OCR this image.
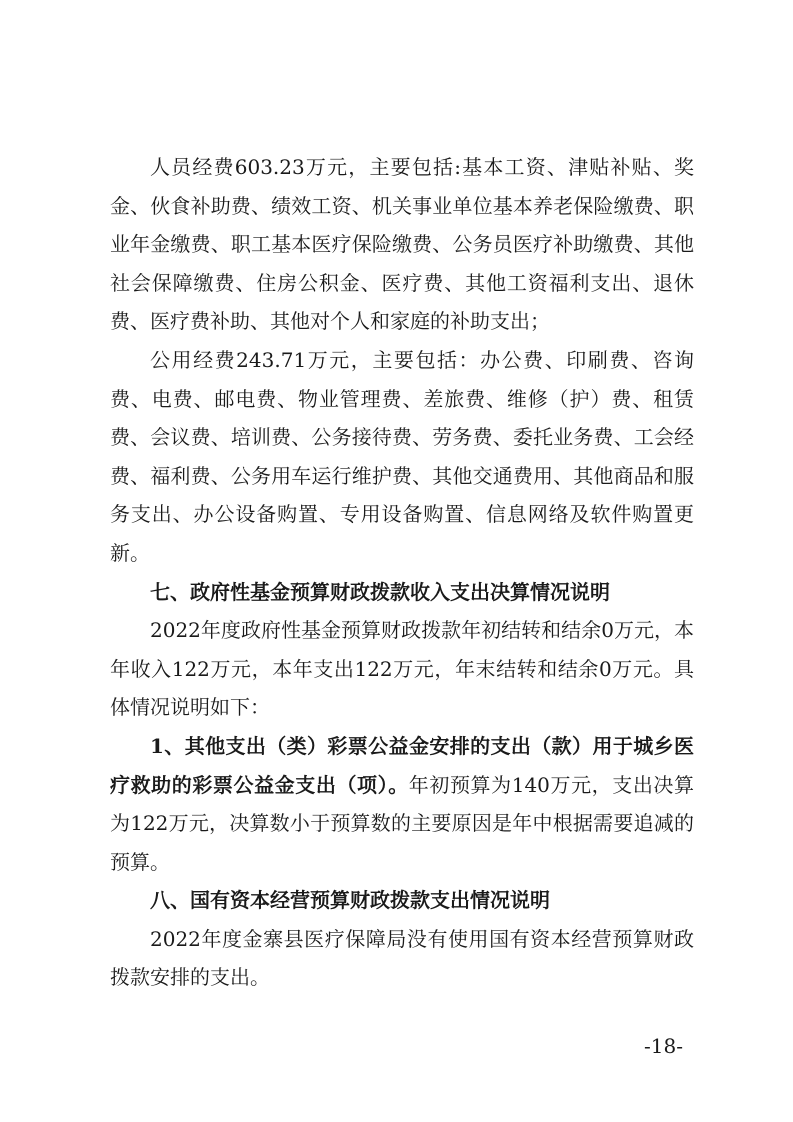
人员经费603.23万元，主要包括:基本工资、津贴补贴、奖金、伙食补助费、绩效工资、机关事业单位基本养老保险缴费、职业年金缴费、职工基本医疗保险缴费、公务员医疗补助缴费、其他社会保障缴费、住房公积金、医疗费、其他工资福利支出、退休费、医疗费补助、其他对个人和家庭的补助支出；

公用经费243.71万元，主要包括：办公费、印刷费、咨询费、电费、邮电费、物业管理费、差旅费、维修（护）费、租赁费、会议费、培训费、公务接待费、劳务费、委托业务费、工会经费、福利费、公务用车运行维护费、其他交通费用、其他商品和服务支出、办公设备购置、专用设备购置、信息网络及软件购置更新。

七、政府性基金预算财政拨款收入支出决算情况说明

2022年度政府性基金预算财政拨款年初结转和结余0万元，本年收入122万元，本年支出122万元，年末结转和结余0万元。具体情况说明如下：

1、其他支出（类）彩票公益金安排的支出（款）用于城乡医疗救助的彩票公益金支出（项）。年初预算为140万元，支出决算为122万元，决算数小于预算数的主要原因是年中根据需要追减的预算。

八、国有资本经营预算财政拨款支出情况说明

2022年度金寨县医疗保障局没有使用国有资本经营预算财政拨款安排的支出。

-18-
